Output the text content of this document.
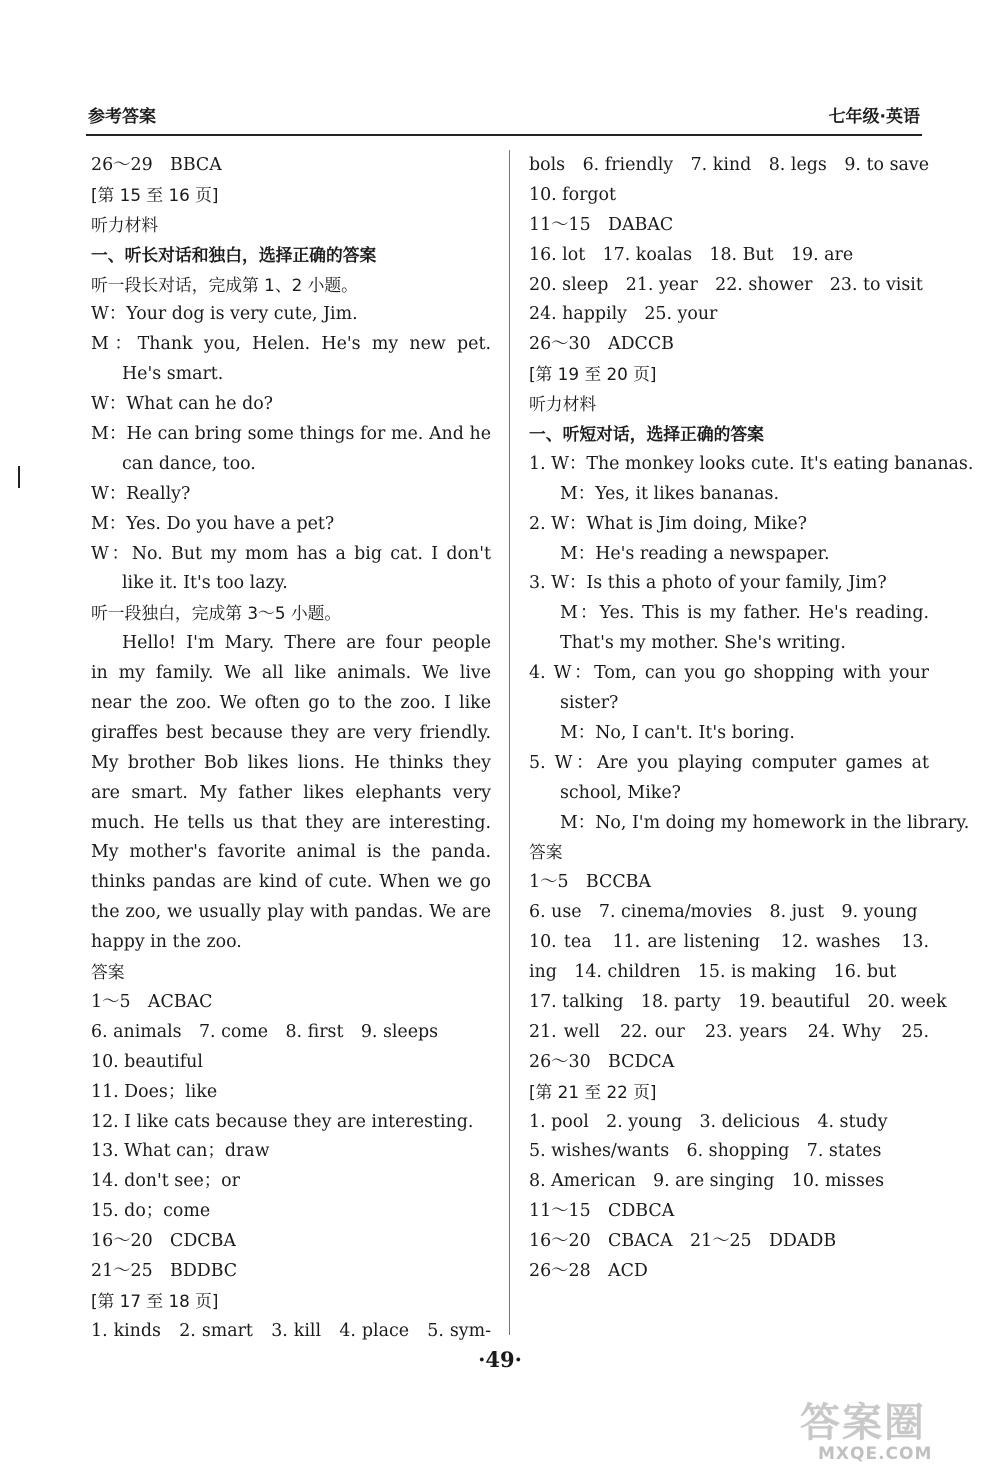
参考答案	七年级·英语
26～29　BBCA
[第 15 至 16 页]
听力材料
一、听长对话和独白，选择正确的答案
听一段长对话，完成第 1、2 小题。
W：Your dog is very cute, Jim.
M：Thank you, Helen. He's my new pet.
He's smart.
W：What can he do?
M：He can bring some things for me. And he
can dance, too.
W：Really?
M：Yes. Do you have a pet?
W：No. But my mom has a big cat. I don't
like it. It's too lazy.
听一段独白，完成第 3～5 小题。
Hello! I'm Mary. There are four people
in my family. We all like animals. We live
near the zoo. We often go to the zoo. I like
giraffes best because they are very friendly.
My brother Bob likes lions. He thinks they
are smart. My father likes elephants very
much. He tells us that they are interesting.
My mother's favorite animal is the panda.
thinks pandas are kind of cute. When we go
the zoo, we usually play with pandas. We are
happy in the zoo.
答案
1～5　ACBAC
6. animals　7. come　8. first　9. sleeps
10. beautiful
11. Does；like
12. I like cats because they are interesting.
13. What can；draw
14. don't see；or
15. do；come
16～20　CDCBA
21～25　BDDBC
[第 17 至 18 页]
1. kinds　2. smart　3. kill　4. place　5. sym-
bols　6. friendly　7. kind　8. legs　9. to save
10. forgot
11～15　DABAC
16. lot　17. koalas　18. But　19. are
20. sleep　21. year　22. shower　23. to visit
24. happily　25. your
26～30　ADCCB
[第 19 至 20 页]
听力材料
一、听短对话，选择正确的答案
1. W：The monkey looks cute. It's eating bananas.
M：Yes, it likes bananas.
2. W：What is Jim doing, Mike?
M：He's reading a newspaper.
3. W：Is this a photo of your family, Jim?
M：Yes. This is my father. He's reading.
That's my mother. She's writing.
4. W：Tom, can you go shopping with your
sister?
M：No, I can't. It's boring.
5. W：Are you playing computer games at
school, Mike?
M：No, I'm doing my homework in the library.
答案
1～5　BCCBA
6. use　7. cinema/movies　8. just　9. young
10. tea　11. are listening　12. washes　13.
ing　14. children　15. is making　16. but
17. talking　18. party　19. beautiful　20. week
21. well　22. our　23. years　24. Why　25.
26～30　BCDCA
[第 21 至 22 页]
1. pool　2. young　3. delicious　4. study
5. wishes/wants　6. shopping　7. states
8. American　9. are singing　10. misses
11～15　CDBCA
16～20　CBACA　21～25　DDADB
26～28　ACD
·49·
答案圈
MXQE.COM
